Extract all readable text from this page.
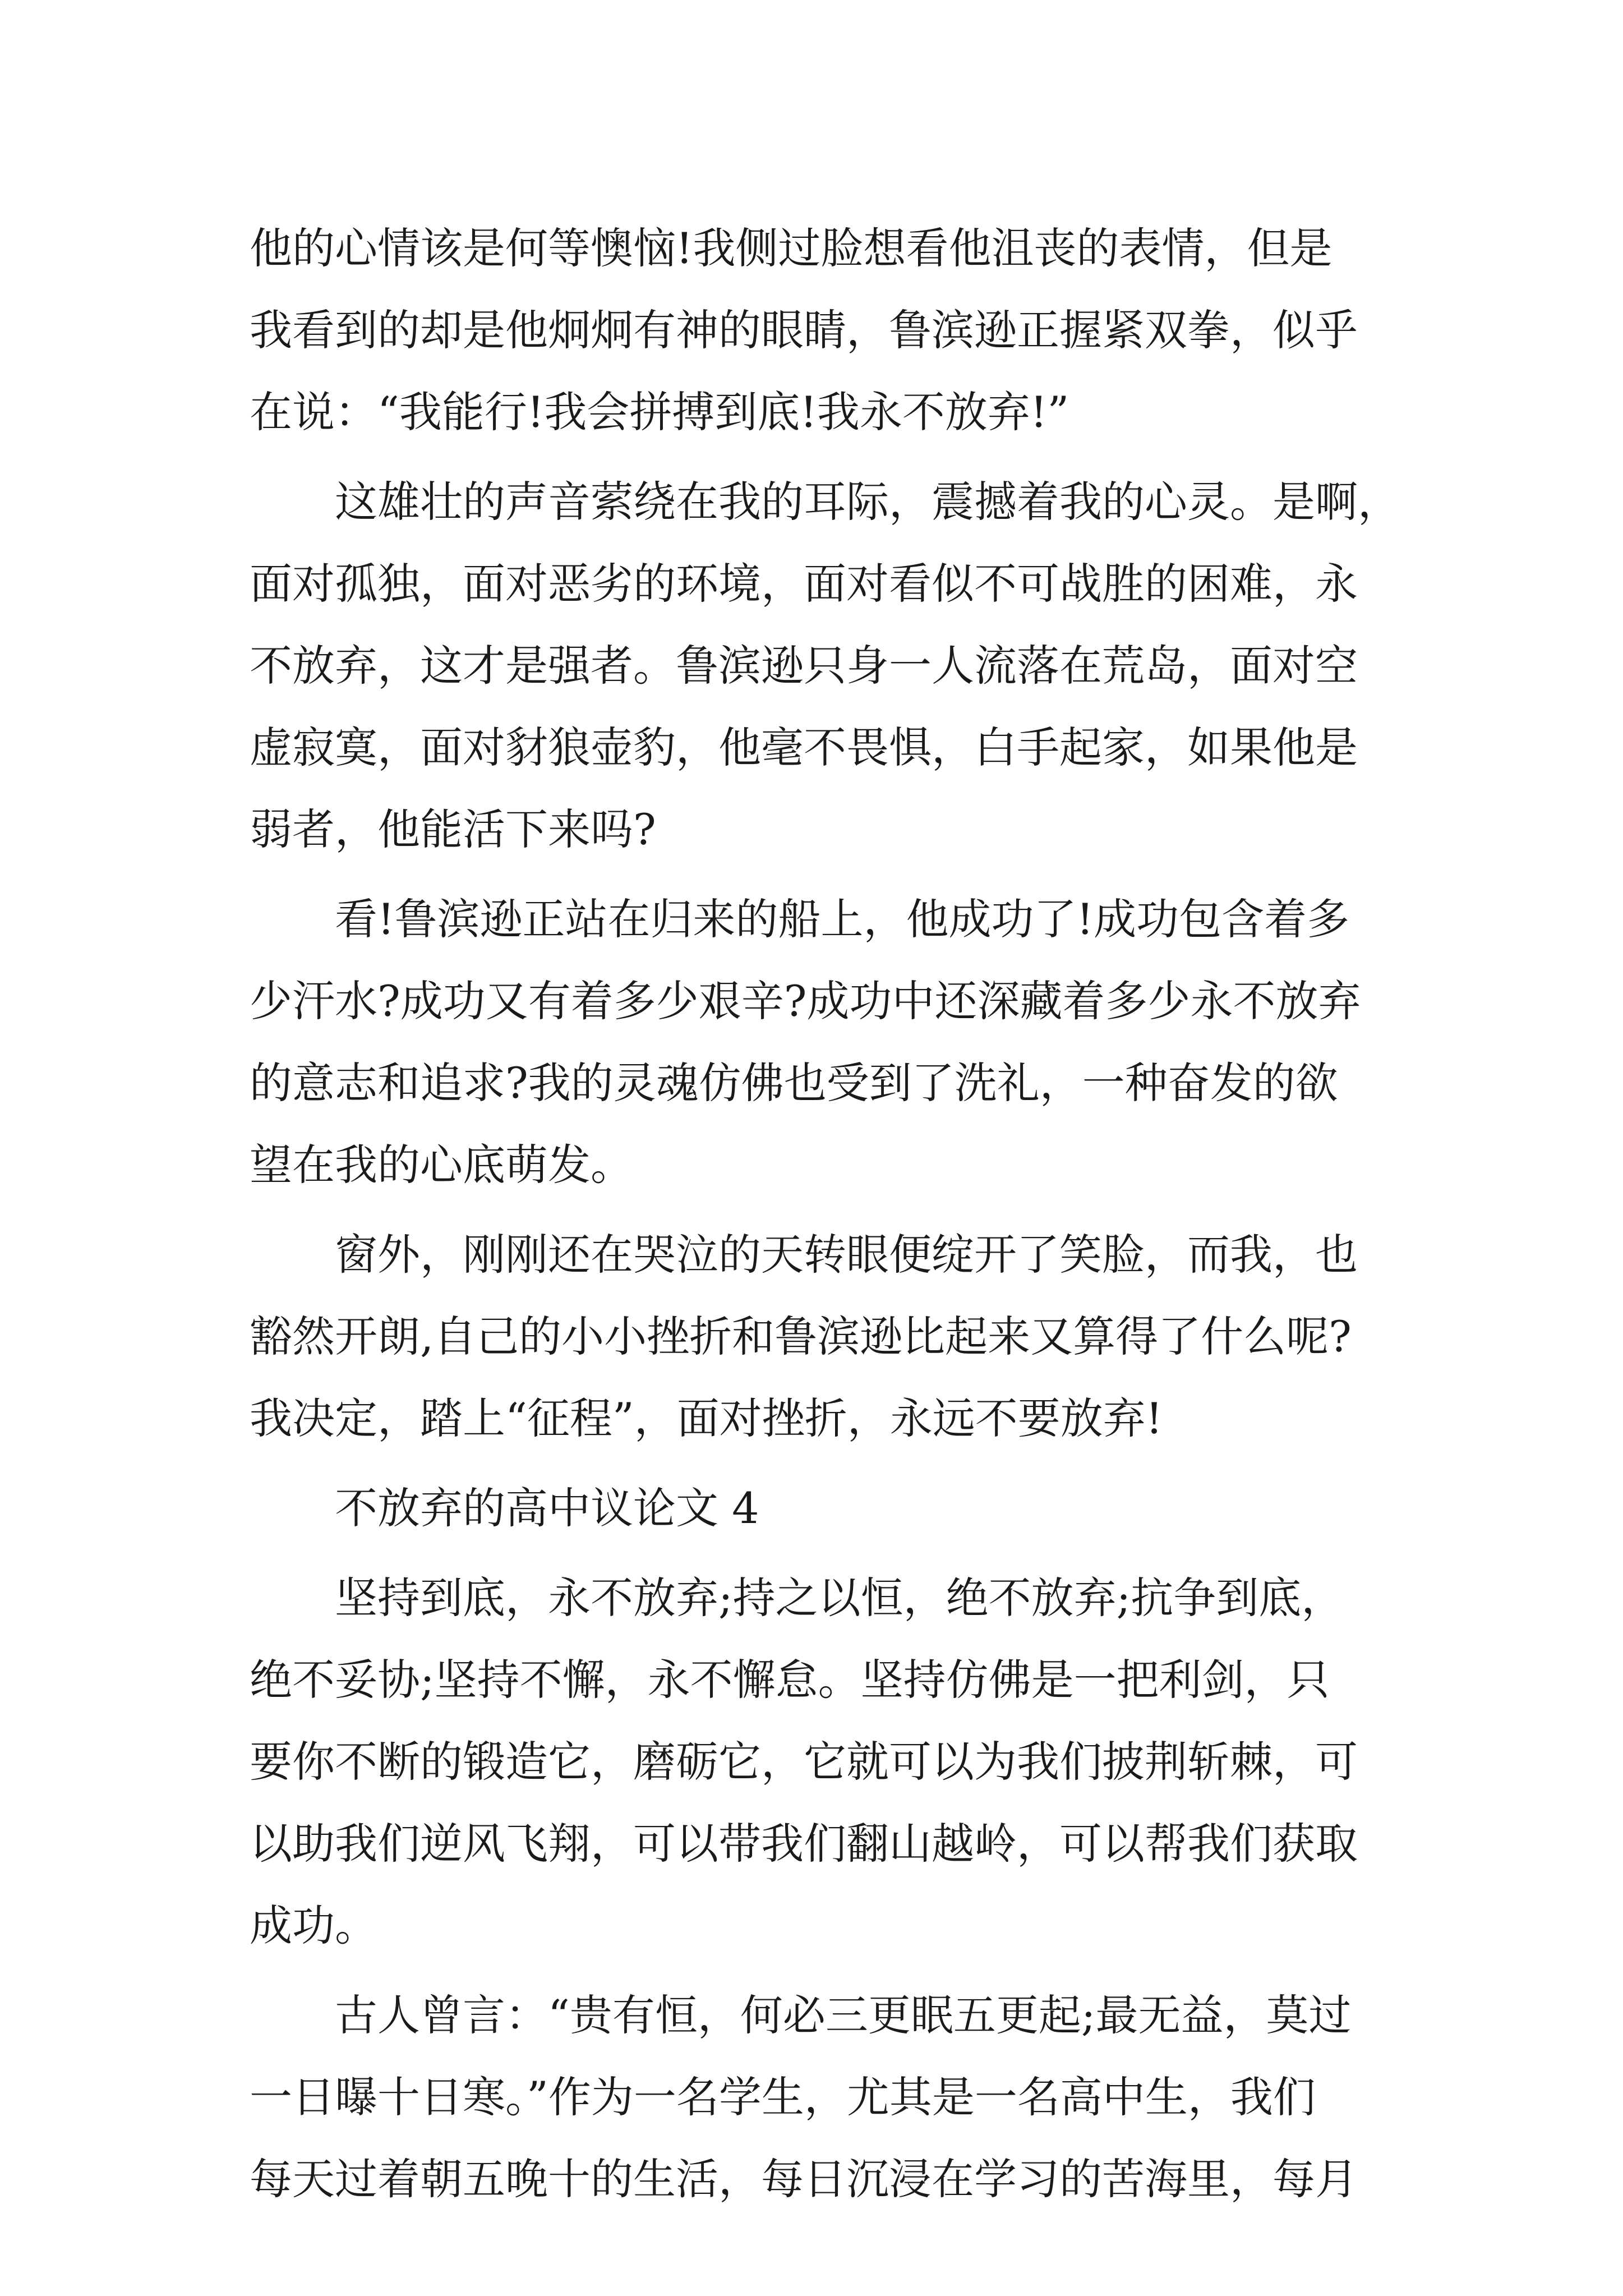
他的心情该是何等懊恼!我侧过脸想看他沮丧的表情，但是
我看到的却是他炯炯有神的眼睛，鲁滨逊正握紧双拳，似乎
在说：“我能行!我会拼搏到底!我永不放弃!”
这雄壮的声音萦绕在我的耳际，震撼着我的心灵。是啊，
面对孤独，面对恶劣的环境，面对看似不可战胜的困难，永
不放弃，这才是强者。鲁滨逊只身一人流落在荒岛，面对空
虚寂寞，面对豺狼壶豹，他毫不畏惧，白手起家，如果他是
弱者，他能活下来吗?
看!鲁滨逊正站在归来的船上，他成功了!成功包含着多
少汗水?成功又有着多少艰辛?成功中还深藏着多少永不放弃
的意志和追求?我的灵魂仿佛也受到了洗礼，一种奋发的欲
望在我的心底萌发。
窗外，刚刚还在哭泣的天转眼便绽开了笑脸，而我，也
豁然开朗,自己的小小挫折和鲁滨逊比起来又算得了什么呢?
我决定，踏上“征程”，面对挫折，永远不要放弃!
不放弃的高中议论文 4
坚持到底，永不放弃;持之以恒，绝不放弃;抗争到底，
绝不妥协;坚持不懈，永不懈怠。坚持仿佛是一把利剑，只
要你不断的锻造它，磨砺它，它就可以为我们披荆斩棘，可
以助我们逆风飞翔，可以带我们翻山越岭，可以帮我们获取
成功。
古人曾言：“贵有恒，何必三更眠五更起;最无益，莫过
一日曝十日寒。”作为一名学生，尤其是一名高中生，我们
每天过着朝五晚十的生活，每日沉浸在学习的苦海里，每月
